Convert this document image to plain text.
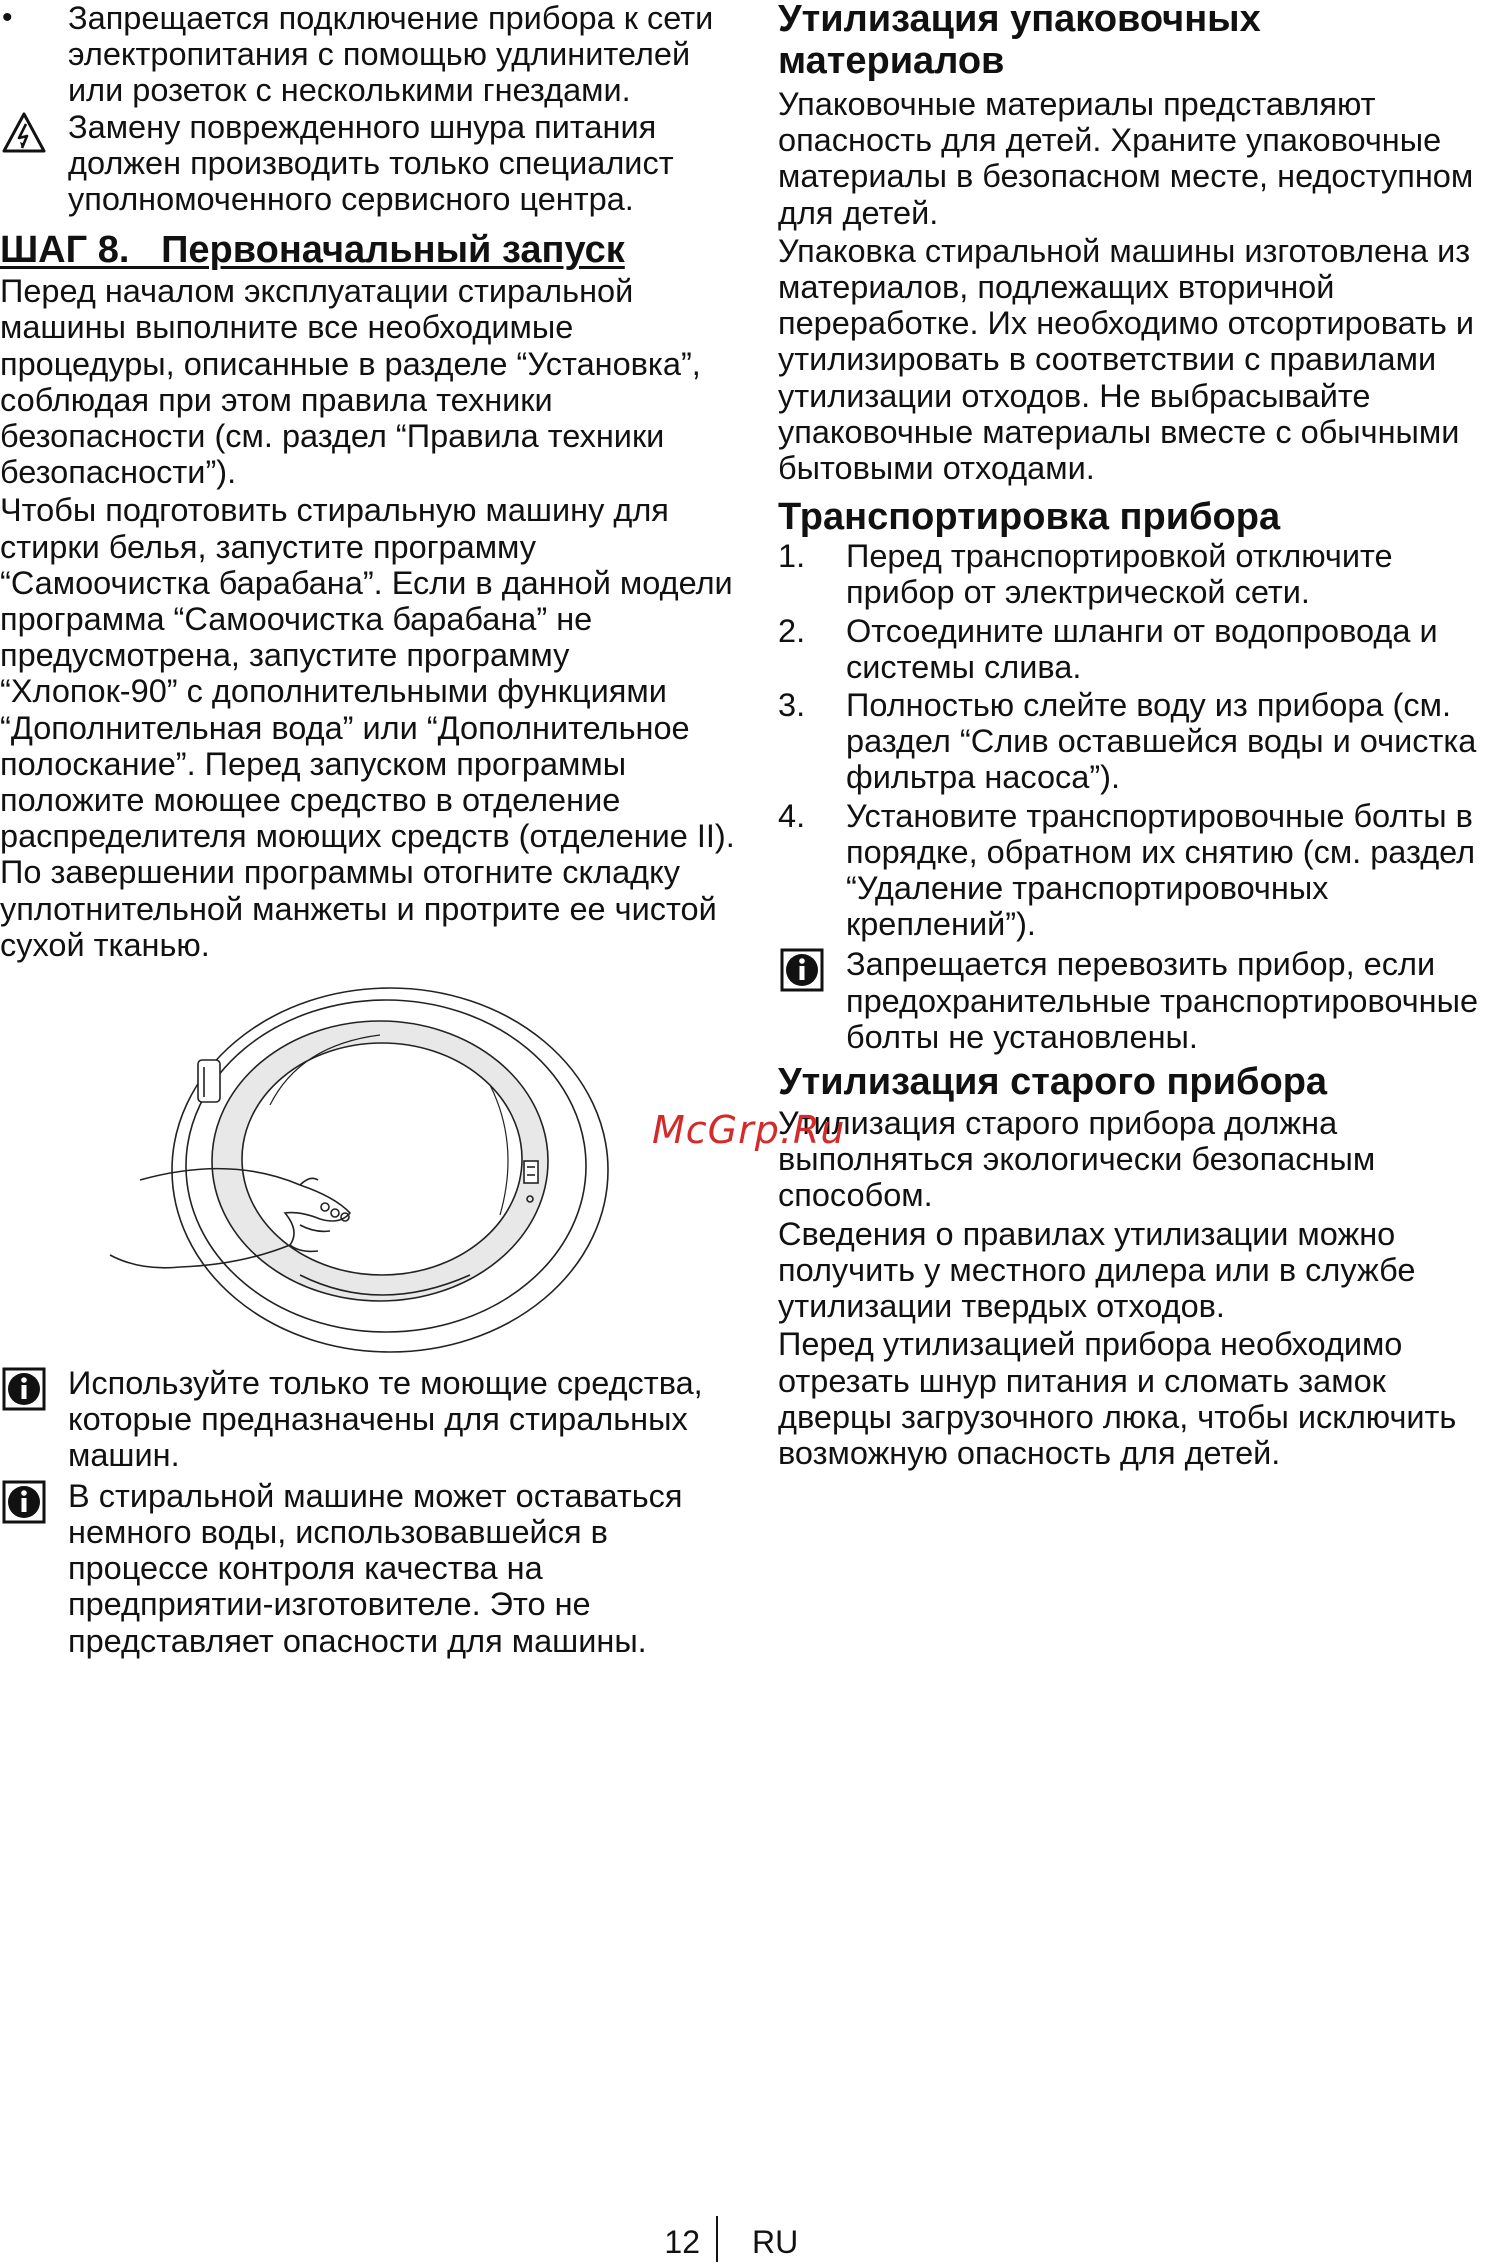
• Запрещается подключение прибора к сети электропитания с помощью удлинителей или розеток с несколькими гнездами.
Замену поврежденного шнура питания должен производить только специалист уполномоченного сервисного центра.
ШАГ 8.   Первоначальный запуск

Перед началом эксплуатации стиральной машины выполните все необходимые процедуры, описанные в разделе “Установка”, соблюдая при этом правила техники безопасности (см. раздел “Правила техники безопасности”).

Чтобы подготовить стиральную машину для стирки белья, запустите программу “Самоочистка барабана”. Если в данной модели программа “Самоочистка барабана” не предусмотрена, запустите программу “Хлопок-90” с дополнительными функциями “Дополнительная вода” или “Дополнительное полоскание”. Перед запуском программы положите моющее средство в отделение распределителя моющих средств (отделение II). По завершении программы отогните складку уплотнительной манжеты и протрите ее чистой сухой тканью.

Используйте только те моющие средства, которые предназначены для стиральных машин.
В стиральной машине может оставаться немного воды, использовавшейся в процессе контроля качества на предприятии-изготовителе. Это не представляет опасности для машины.
Утилизация упаковочных материалов

Упаковочные материалы представляют опасность для детей. Храните упаковочные материалы в безопасном месте, недоступном для детей.

Упаковка стиральной машины изготовлена из материалов, подлежащих вторичной переработке. Их необходимо отсортировать и утилизировать в соответствии с правилами утилизации отходов. Не выбрасывайте упаковочные материалы вместе с обычными бытовыми отходами.

Транспортировка прибора
1. Перед транспортировкой отключите прибор от электрической сети.
2. Отсоедините шланги от водопровода и системы слива.
3. Полностью слейте воду из прибора (см. раздел “Слив оставшейся воды и очистка фильтра насоса”).
4. Установите транспортировочные болты в порядке, обратном их снятию (см. раздел “Удаление транспортировочных креплений”).
Запрещается перевозить прибор, если предохранительные транспортировочные болты не установлены.
Утилизация старого прибора

Утилизация старого прибора должна выполняться экологически безопасным способом.

Сведения о правилах утилизации можно получить у местного дилера или в службе утилизации твердых отходов.

Перед утилизацией прибора необходимо отрезать шнур питания и сломать замок дверцы загрузочного люка, чтобы исключить возможную опасность для детей.

McGrp.Ru
12 RU
